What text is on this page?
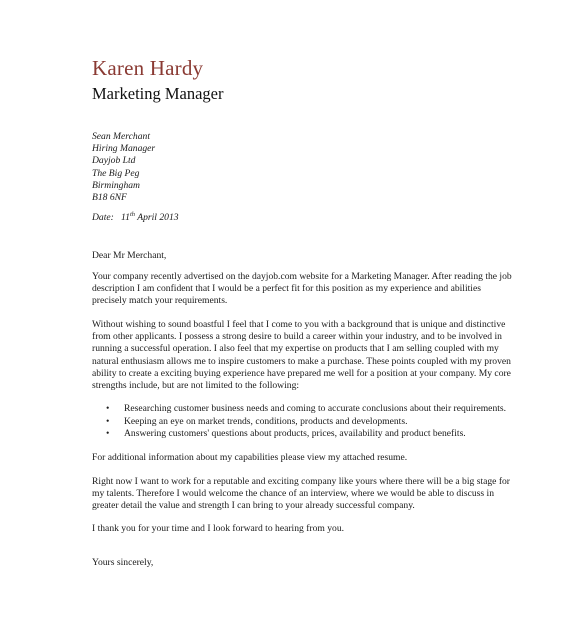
Karen Hardy
Marketing Manager
Sean Merchant
Hiring Manager
Dayjob Ltd
The Big Peg
Birmingham
B18 6NF
Date: 11th April 2013
Dear Mr Merchant,
Your company recently advertised on the dayjob.com website for a Marketing Manager. After reading the job description I am confident that I would be a perfect fit for this position as my experience and abilities precisely match your requirements.
Without wishing to sound boastful I feel that I come to you with a background that is unique and distinctive from other applicants. I possess a strong desire to build a career within your industry, and to be involved in running a successful operation. I also feel that my expertise on products that I am selling coupled with my natural enthusiasm allows me to inspire customers to make a purchase. These points coupled with my proven ability to create a exciting buying experience have prepared me well for a position at your company. My core strengths include, but are not limited to the following:
• Researching customer business needs and coming to accurate conclusions about their requirements.
• Keeping an eye on market trends, conditions, products and developments.
• Answering customers' questions about products, prices, availability and product benefits.
For additional information about my capabilities please view my attached resume.
Right now I want to work for a reputable and exciting company like yours where there will be a big stage for my talents. Therefore I would welcome the chance of an interview, where we would be able to discuss in greater detail the value and strength I can bring to your already successful company.
I thank you for your time and I look forward to hearing from you.
Yours sincerely,
